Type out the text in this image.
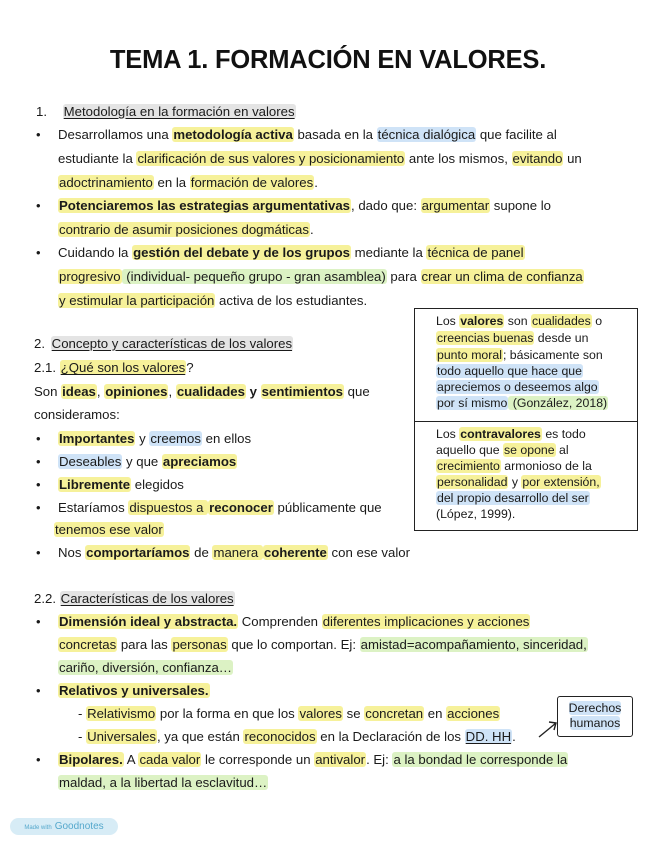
TEMA 1. FORMACIÓN EN VALORES.
1. Metodología en la formación en valores
• Desarrollamos una metodología activa basada en la técnica dialógica que facilite al
estudiante la clarificación de sus valores y posicionamiento ante los mismos, evitando un
adoctrinamiento en la formación de valores.
• Potenciaremos las estrategias argumentativas, dado que: argumentar supone lo
contrario de asumir posiciones dogmáticas.
• Cuidando la gestión del debate y de los grupos mediante la técnica de panel
progresivo (individual- pequeño grupo - gran asamblea) para crear un clima de confianza
y estimular la participación activa de los estudiantes.
2. Concepto y características de los valores
2.1. ¿Qué son los valores?
Son ideas, opiniones, cualidades y sentimientos que
consideramos:
• Importantes y creemos en ellos
• Deseables y que apreciamos
• Libremente elegidos
• Estaríamos dispuestos a reconocer públicamente que
tenemos ese valor
• Nos comportaríamos de manera coherente con ese valor
Los valores son cualidades o
creencias buenas desde un
punto moral; básicamente son
todo aquello que hace que
apreciemos o deseemos algo
por sí mismo (González, 2018)
Los contravalores es todo
aquello que se opone al
crecimiento armonioso de la
personalidad y por extensión,
del propio desarrollo del ser
(López, 1999).
2.2. Características de los valores
• Dimensión ideal y abstracta. Comprenden diferentes implicaciones y acciones
concretas para las personas que lo comportan. Ej: amistad=acompañamiento, sinceridad,
cariño, diversión, confianza…
• Relativos y universales.
- Relativismo por la forma en que los valores se concretan en acciones
- Universales, ya que están reconocidos en la Declaración de los DD. HH.
Derechos
humanos
• Bipolares. A cada valor le corresponde un antivalor. Ej: a la bondad le corresponde la
maldad, a la libertad la esclavitud…
Made with Goodnotes
